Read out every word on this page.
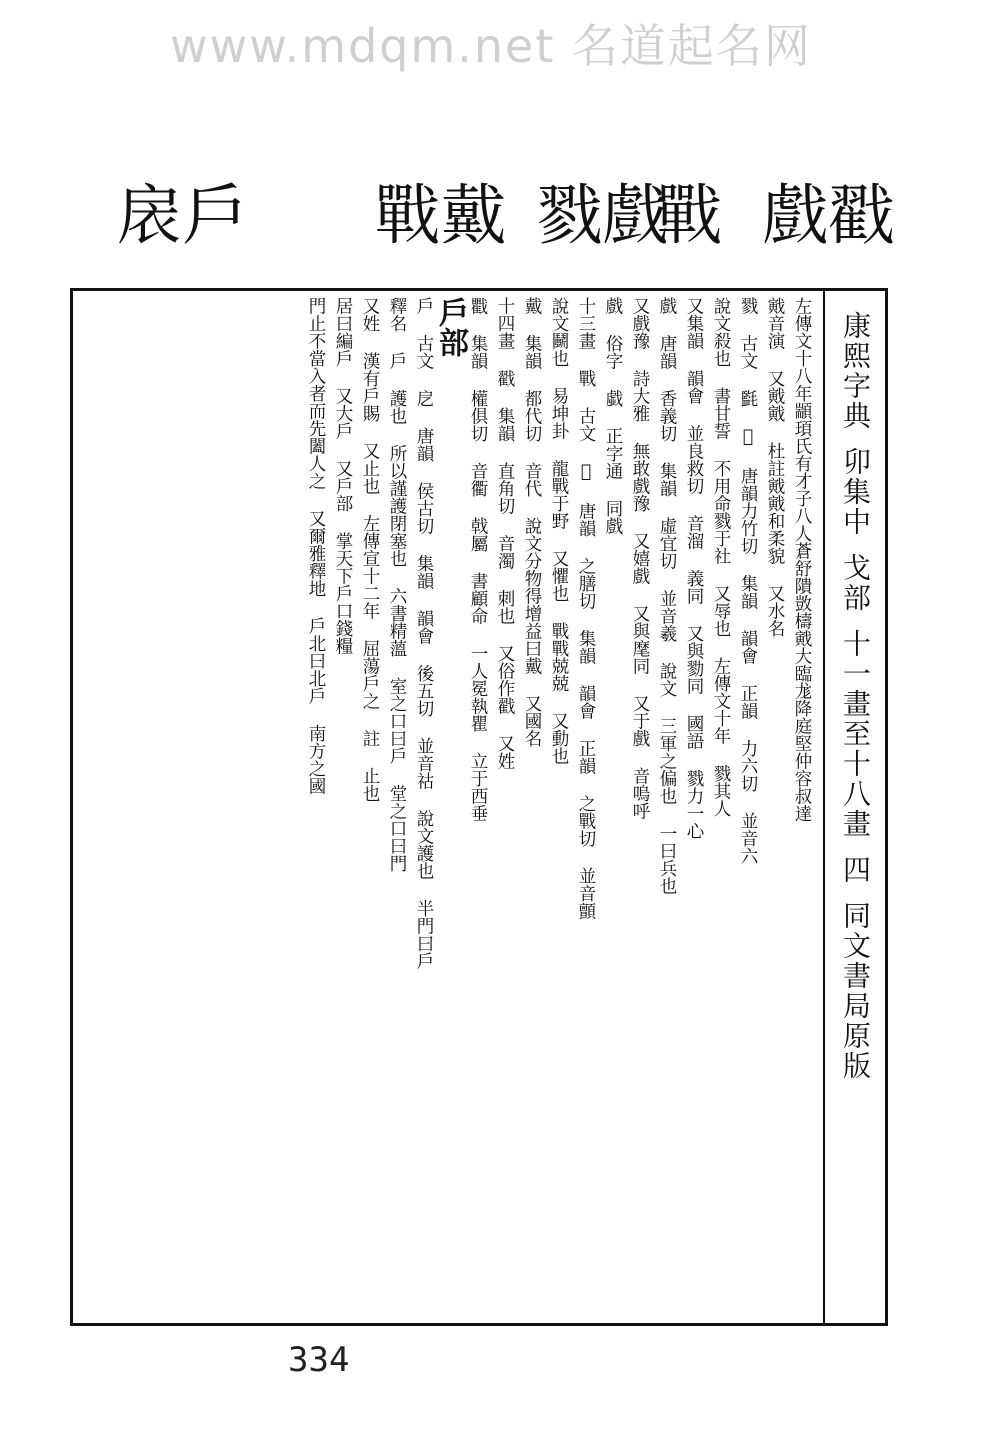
www.mdqm.net 名道起名网
戶扆	戴戰	戲戮 戰	戳戲
康熙字典
卯集中
戈部
十一畫至十八畫
四
同文書局原版
左傳文十八年顓頊氏有才子八人蒼舒隤敳檮戭大臨尨降庭堅仲容叔達
戭音演 又戭戭 杜註戭戭和柔貌 又水名
戮 古文 㲯 𧟛 唐韻力竹切 集韻 韻會 正韻 力六切 並音六
說文殺也 書甘誓 不用命戮于社 又辱也 左傳文十年 戮其人
又集韻 韻會 並良救切 音溜 義同 又與勠同 國語 戮力一心
戲 唐韻 香義切 集韻 虛宜切 並音羲 說文 三軍之偏也 一曰兵也
又戲豫 詩大雅 無敢戲豫 又嬉戲 又與麾同 又于戲 音嗚呼
戲 俗字 戱 正字通 同戲
十三畫 戰 古文 𢧐 唐韻 之膳切 集韻 韻會 正韻 之戰切 並音顫
說文鬭也 易坤卦 龍戰于野 又懼也 戰戰兢兢 又動也
戴 集韻 都代切 音代 說文分物得增益曰戴 又國名
十四畫 戳 集韻 直角切 音濁 刺也 又俗作戳 又姓
戵 集韻 權俱切 音衢 戟屬 書顧命 一人冕執瞿 立于西垂
戶部
戶 古文 戹 唐韻 侯古切 集韻 韻會 後五切 並音祜 說文護也 半門曰戶
釋名 戶 護也 所以謹護閉塞也 六書精薀 室之口曰戶 堂之口曰門
又姓 漢有戶賜 又止也 左傳宣十二年 屈蕩戶之 註 止也
居曰編戶 又大戶 又戶部 掌天下戶口錢糧
門止不當入者而先闔人之 又爾雅釋地 戶北曰北戶 南方之國
334
